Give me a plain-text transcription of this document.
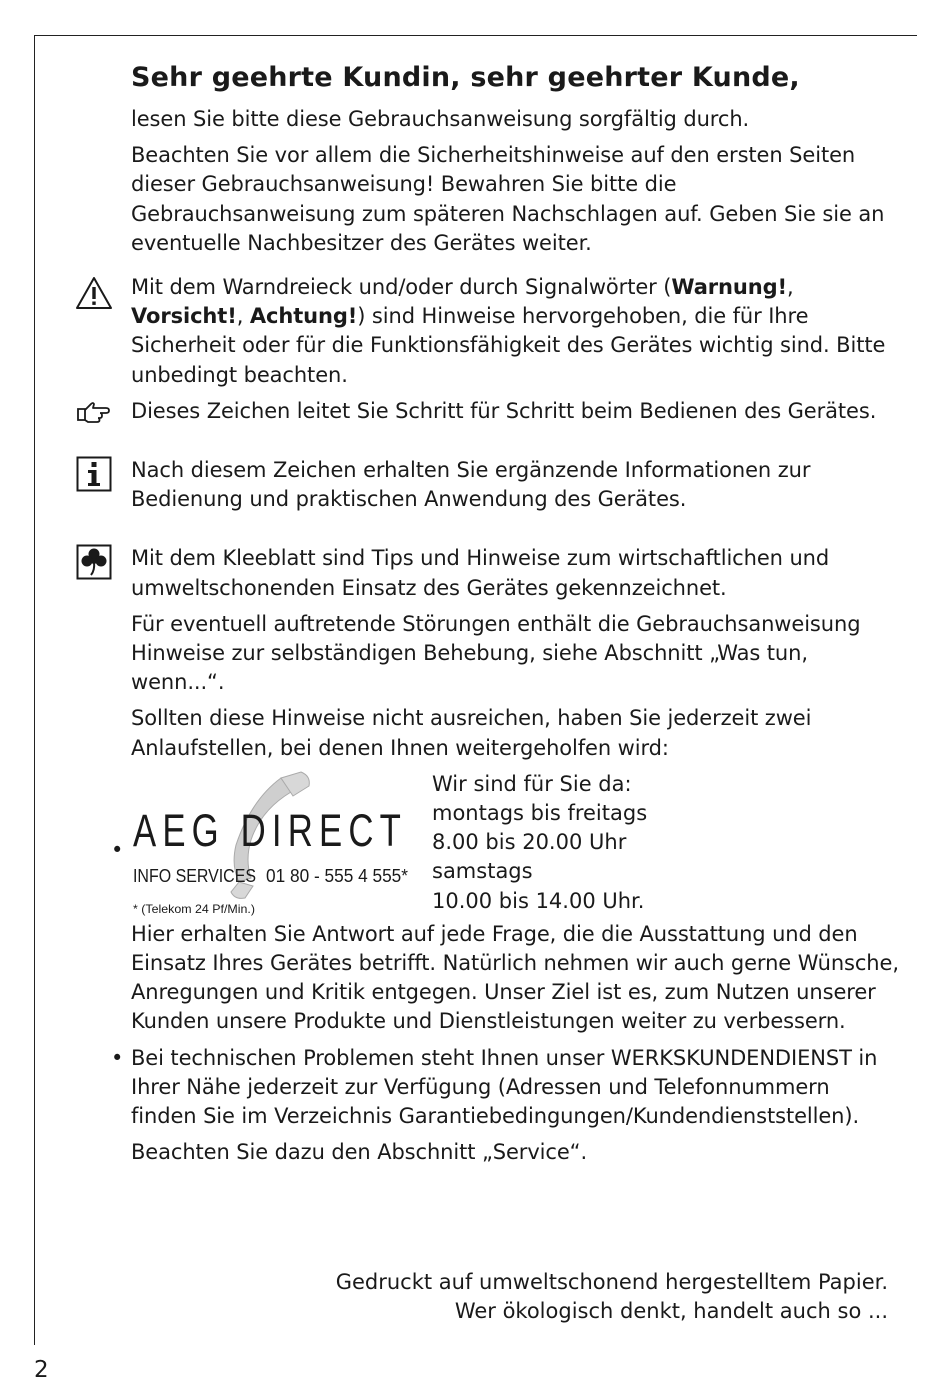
Sehr geehrte Kundin, sehr geehrter Kunde,

lesen Sie bitte diese Gebrauchsanweisung sorgfältig durch.

Beachten Sie vor allem die Sicherheitshinweise auf den ersten Seiten dieser Gebrauchsanweisung! Bewahren Sie bitte die Gebrauchsanweisung zum späteren Nachschlagen auf. Geben Sie sie an eventuelle Nachbesitzer des Gerätes weiter.

Mit dem Warndreieck und/oder durch Signalwörter (Warnung!, Vorsicht!, Achtung!) sind Hinweise hervorgehoben, die für Ihre Sicherheit oder für die Funktionsfähigkeit des Gerätes wichtig sind. Bitte unbedingt beachten.

Dieses Zeichen leitet Sie Schritt für Schritt beim Bedienen des Gerätes.

Nach diesem Zeichen erhalten Sie ergänzende Informationen zur Bedienung und praktischen Anwendung des Gerätes.

Mit dem Kleeblatt sind Tips und Hinweise zum wirtschaftlichen und umweltschonenden Einsatz des Gerätes gekennzeichnet.

Für eventuell auftretende Störungen enthält die Gebrauchsanweisung Hinweise zur selbständigen Behebung, siehe Abschnitt „Was tun, wenn...“.

Sollten diese Hinweise nicht ausreichen, haben Sie jederzeit zwei Anlaufstellen, bei denen Ihnen weitergeholfen wird:

• AEG DIRECT
INFO SERVICES 01 80 - 555 4 555*
* (Telekom 24 Pf/Min.)
Wir sind für Sie da:
montags bis freitags
8.00 bis 20.00 Uhr
samstags
10.00 bis 14.00 Uhr.

Hier erhalten Sie Antwort auf jede Frage, die die Ausstattung und den Einsatz Ihres Gerätes betrifft. Natürlich nehmen wir auch gerne Wünsche, Anregungen und Kritik entgegen. Unser Ziel ist es, zum Nutzen unserer Kunden unsere Produkte und Dienstleistungen weiter zu verbessern.

• Bei technischen Problemen steht Ihnen unser WERKSKUNDENDIENST in Ihrer Nähe jederzeit zur Verfügung (Adressen und Telefonnummern finden Sie im Verzeichnis Garantiebedingungen/Kundendienststellen).

Beachten Sie dazu den Abschnitt „Service“.

Gedruckt auf umweltschonend hergestelltem Papier.
Wer ökologisch denkt, handelt auch so ...
2
